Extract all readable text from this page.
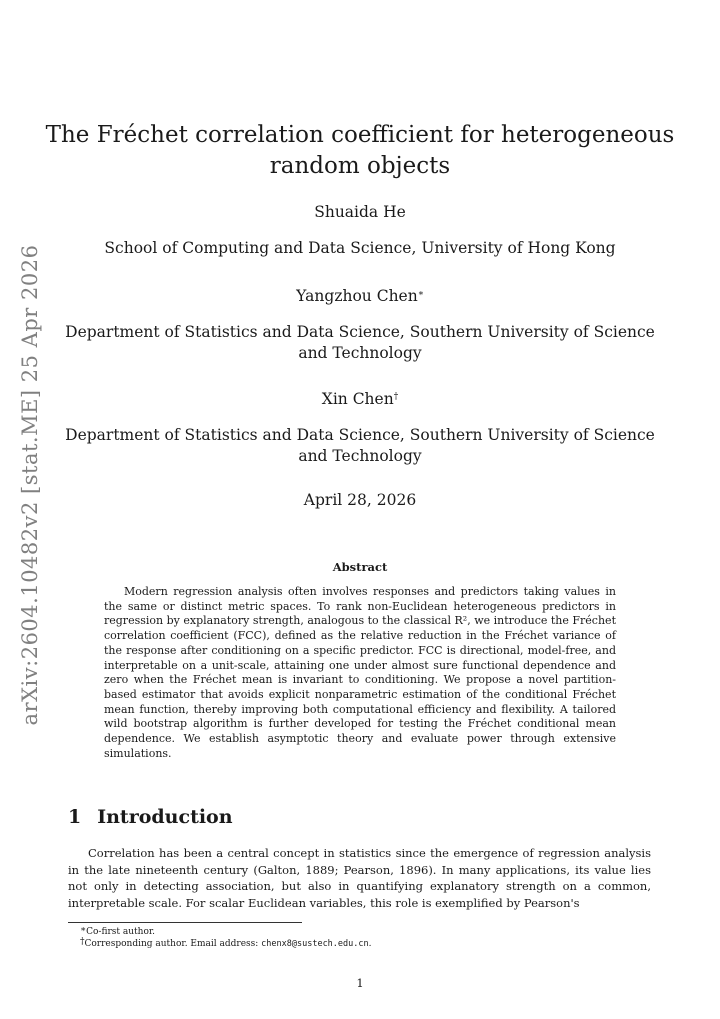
arXiv:2604.10482v2 [stat.ME] 25 Apr 2026
The Fréchet correlation coefficient for heterogeneous
random objects
Shuaida He
School of Computing and Data Science, University of Hong Kong
Yangzhou Chen∗
Department of Statistics and Data Science, Southern University of Science
and Technology
Xin Chen†
Department of Statistics and Data Science, Southern University of Science
and Technology
April 28, 2026
Abstract
Modern regression analysis often involves responses and predictors taking values in the same or distinct metric spaces. To rank non-Euclidean heterogeneous predictors in regression by explanatory strength, analogous to the classical R², we introduce the Fréchet correlation coefficient (FCC), defined as the relative reduction in the Fréchet variance of the response after conditioning on a specific predictor. FCC is directional, model-free, and interpretable on a unit-scale, attaining one under almost sure functional dependence and zero when the Fréchet mean is invariant to conditioning. We propose a novel partition-based estimator that avoids explicit nonparametric estimation of the conditional Fréchet mean function, thereby improving both computational efficiency and flexibility. A tailored wild bootstrap algorithm is further developed for testing the Fréchet conditional mean dependence. We establish asymptotic theory and evaluate power through extensive simulations.
1 Introduction
Correlation has been a central concept in statistics since the emergence of regression analysis in the late nineteenth century (Galton, 1889; Pearson, 1896). In many applications, its value lies not only in detecting association, but also in quantifying explanatory strength on a common, interpretable scale. For scalar Euclidean variables, this role is exemplified by Pearson's
∗Co-first author.
†Corresponding author. Email address: chenx8@sustech.edu.cn.
1
